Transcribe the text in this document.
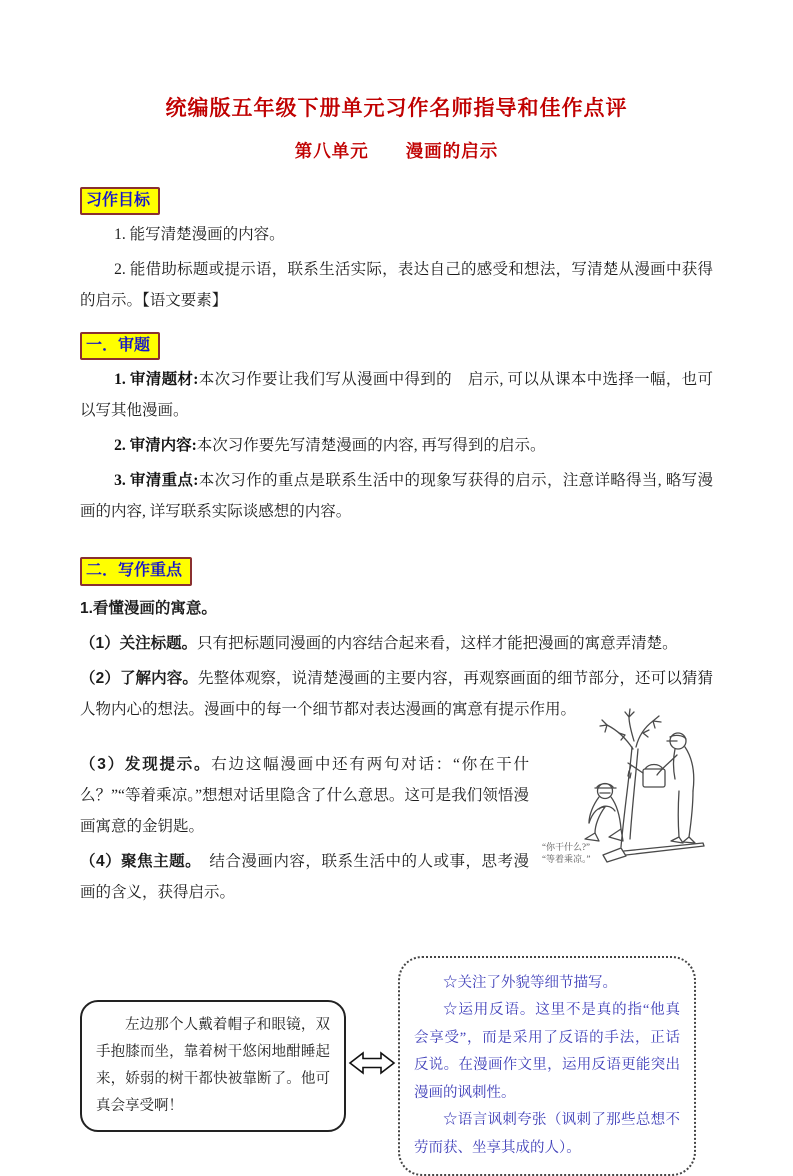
统编版五年级下册单元习作名师指导和佳作点评
第八单元　　漫画的启示
习作目标

1. 能写清楚漫画的内容。

2. 能借助标题或提示语，联系生活实际，表达自己的感受和想法，写清楚从漫画中获得的启示。【语文要素】

一．审题

1. 审清题材:本次习作要让我们写从漫画中得到的　启示, 可以从课本中选择一幅，也可以写其他漫画。

2. 审清内容:本次习作要先写清楚漫画的内容, 再写得到的启示。

3. 审清重点:本次习作的重点是联系生活中的现象写获得的启示，注意详略得当, 略写漫画的内容, 详写联系实际谈感想的内容。

二．写作重点

1.看懂漫画的寓意。

（1）关注标题。只有把标题同漫画的内容结合起来看，这样才能把漫画的寓意弄清楚。

（2）了解内容。先整体观察，说清楚漫画的主要内容，再观察画面的细节部分，还可以猜猜人物内心的想法。漫画中的每一个细节都对表达漫画的寓意有提示作用。

“你干什么?”
“等着乘凉。”

（3）发现提示。右边这幅漫画中还有两句对话：“你在干什么？”“等着乘凉。”想想对话里隐含了什么意思。这可是我们领悟漫画寓意的金钥匙。

（4）聚焦主题。　结合漫画内容，联系生活中的人或事，思考漫画的含义，获得启示。

左边那个人戴着帽子和眼镜，双手抱膝而坐，靠着树干悠闲地酣睡起来，娇弱的树干都快被靠断了。他可真会享受啊！

☆关注了外貌等细节描写。

☆运用反语。这里不是真的指“他真会享受”，而是采用了反语的手法，正话反说。在漫画作文里，运用反语更能突出漫画的讽刺性。

☆语言讽刺夸张（讽刺了那些总想不劳而获、坐享其成的人）。
